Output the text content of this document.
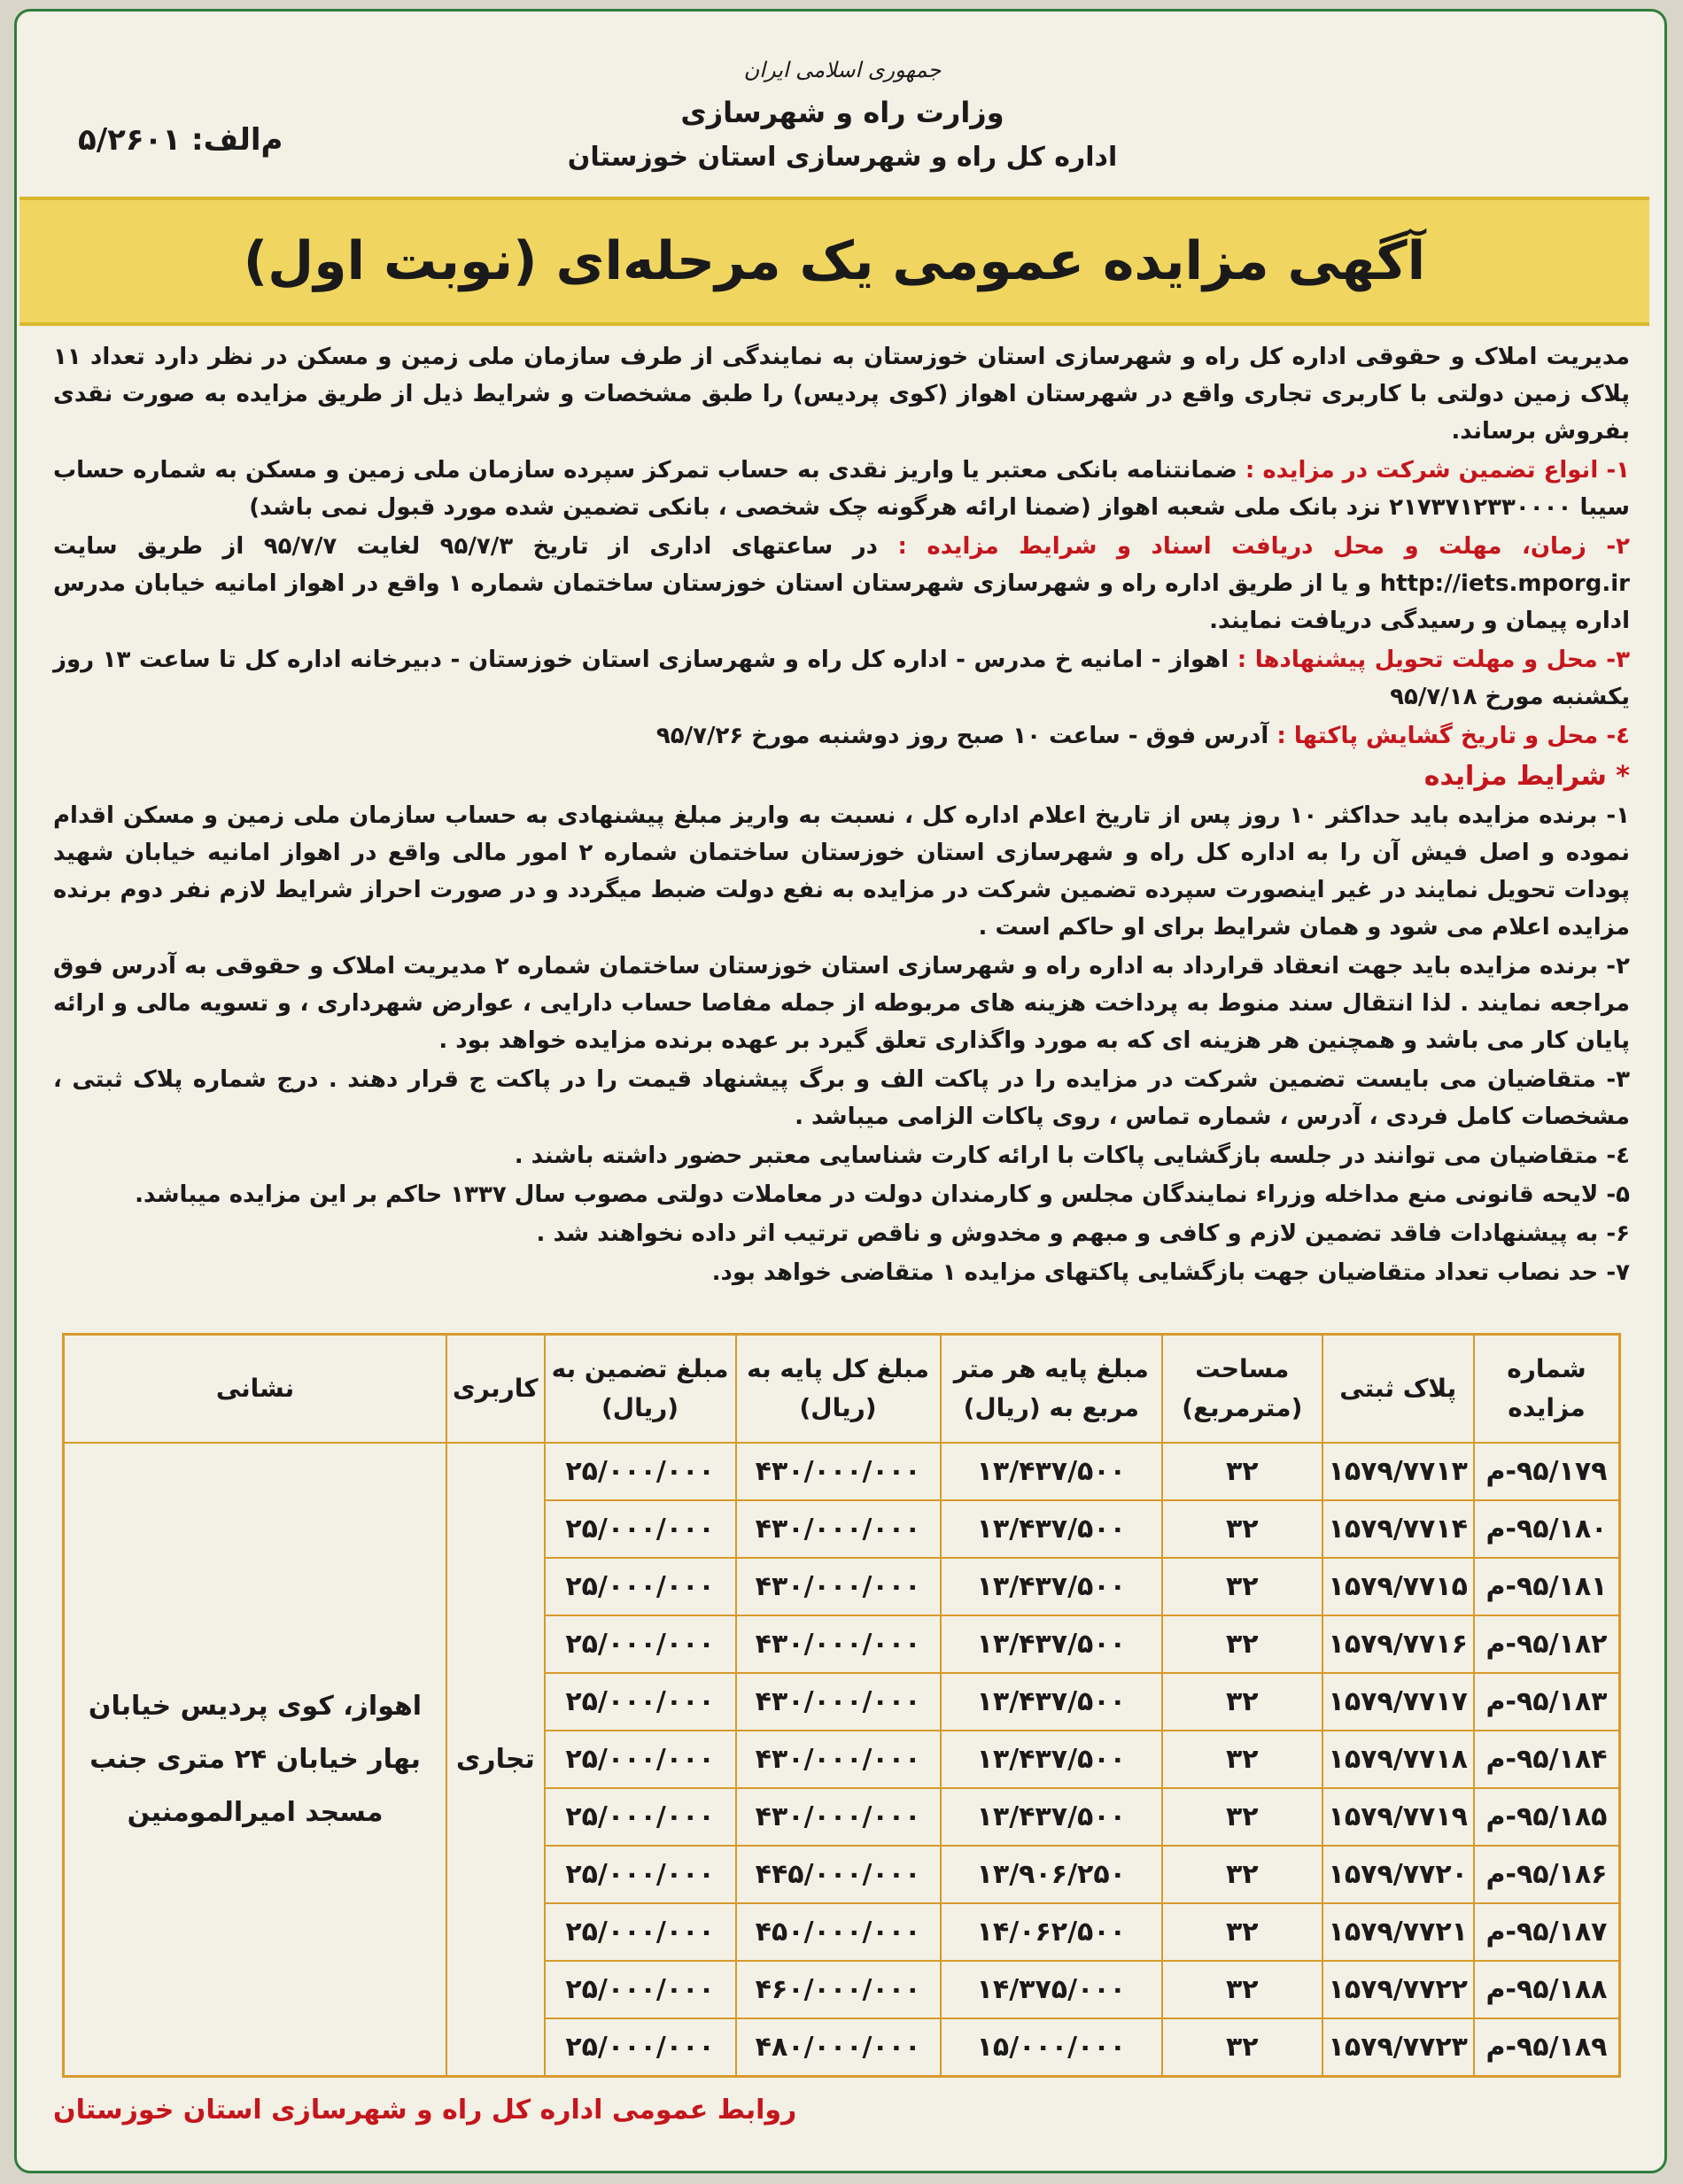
جمهوری اسلامی ایران
وزارت راه و شهرسازی
اداره کل راه و شهرسازی استان خوزستان
م‌الف: ۵/۲۶۰۱
آگهی مزایده عمومی یک مرحله‌ای (نوبت اول)

مدیریت املاک و حقوقی اداره کل راه و شهرسازی استان خوزستان به نمایندگی از طرف سازمان ملی زمین و مسکن در نظر دارد تعداد ۱۱ پلاک زمین دولتی با کاربری تجاری واقع در شهرستان اهواز (کوی پردیس) را طبق مشخصات و شرایط ذیل از طریق مزایده به صورت نقدی بفروش برساند.

۱- انواع تضمین شرکت در مزایده : ضمانتنامه بانکی معتبر یا واریز نقدی به حساب تمرکز سپرده سازمان ملی زمین و مسکن به شماره حساب سیبا ۲۱۷۳۷۱۲۳۳۰۰۰۰ نزد بانک ملی شعبه اهواز (ضمنا ارائه هرگونه چک شخصی ، بانکی تضمین شده مورد قبول نمی باشد)

۲- زمان، مهلت و محل دریافت اسناد و شرایط مزایده : در ساعتهای اداری از تاریخ ۹۵/۷/۳ لغایت ۹۵/۷/۷ از طریق سایت http://iets.mporg.ir و یا از طریق اداره راه و شهرسازی شهرستان استان خوزستان ساختمان شماره ۱ واقع در اهواز امانیه خیابان مدرس اداره پیمان و رسیدگی دریافت نمایند.

۳- محل و مهلت تحویل پیشنهادها : اهواز - امانیه خ مدرس - اداره کل راه و شهرسازی استان خوزستان - دبیرخانه اداره کل تا ساعت ۱۳ روز یکشنبه مورخ ۹۵/۷/۱۸

٤- محل و تاریخ گشایش پاکتها : آدرس فوق - ساعت ۱۰ صبح روز دوشنبه مورخ ۹۵/۷/۲۶

* شرایط مزایده

۱- برنده مزایده باید حداکثر ۱۰ روز پس از تاریخ اعلام اداره کل ، نسبت به واریز مبلغ پیشنهادی به حساب سازمان ملی زمین و مسکن اقدام نموده و اصل فیش آن را به اداره کل راه و شهرسازی استان خوزستان ساختمان شماره ۲ امور مالی واقع در اهواز امانیه خیابان شهید پودات تحویل نمایند در غیر اینصورت سپرده تضمین شرکت در مزایده به نفع دولت ضبط میگردد و در صورت احراز شرایط لازم نفر دوم برنده مزایده اعلام می شود و همان شرایط برای او حاکم است .

۲- برنده مزایده باید جهت انعقاد قرارداد به اداره راه و شهرسازی استان خوزستان ساختمان شماره ۲ مدیریت املاک و حقوقی به آدرس فوق مراجعه نمایند . لذا انتقال سند منوط به پرداخت هزینه های مربوطه از جمله مفاصا حساب دارایی ، عوارض شهرداری ، و تسویه مالی و ارائه پایان کار می باشد و همچنین هر هزینه ای که به مورد واگذاری تعلق گیرد بر عهده برنده مزایده خواهد بود .

۳- متقاضیان می بایست تضمین شرکت در مزایده را در پاکت الف و برگ پیشنهاد قیمت را در پاکت ج قرار دهند . درج شماره پلاک ثبتی ، مشخصات کامل فردی ، آدرس ، شماره تماس ، روی پاکات الزامی میباشد .

٤- متقاضیان می توانند در جلسه بازگشایی پاکات با ارائه کارت شناسایی معتبر حضور داشته باشند .

۵- لایحه قانونی منع مداخله وزراء نمایندگان مجلس و کارمندان دولت در معاملات دولتی مصوب سال ۱۳۳۷ حاکم بر این مزایده میباشد.

۶- به پیشنهادات فاقد تضمین لازم و کافی و مبهم و مخدوش و ناقص ترتیب اثر داده نخواهند شد .

۷- حد نصاب تعداد متقاضیان جهت بازگشایی پاکتهای مزایده ۱ متقاضی خواهد بود.

شماره مزایده	پلاک ثبتی	مساحت (مترمربع)	مبلغ پایه هر متر مربع به (ریال)	مبلغ کل پایه به (ریال)	مبلغ تضمین به (ریال)	کاربری	نشانی
۹۵/۱۷۹-م	۱۵۷۹/۷۷۱۳	۳۲	۱۳/۴۳۷/۵۰۰	۴۳۰/۰۰۰/۰۰۰	۲۵/۰۰۰/۰۰۰	تجاری	اهواز، کوی پردیس خیابان بهار خیابان ۲۴ متری جنب مسجد امیرالمومنین
۹۵/۱۸۰-م	۱۵۷۹/۷۷۱۴	۳۲	۱۳/۴۳۷/۵۰۰	۴۳۰/۰۰۰/۰۰۰	۲۵/۰۰۰/۰۰۰		
۹۵/۱۸۱-م	۱۵۷۹/۷۷۱۵	۳۲	۱۳/۴۳۷/۵۰۰	۴۳۰/۰۰۰/۰۰۰	۲۵/۰۰۰/۰۰۰		
۹۵/۱۸۲-م	۱۵۷۹/۷۷۱۶	۳۲	۱۳/۴۳۷/۵۰۰	۴۳۰/۰۰۰/۰۰۰	۲۵/۰۰۰/۰۰۰		
۹۵/۱۸۳-م	۱۵۷۹/۷۷۱۷	۳۲	۱۳/۴۳۷/۵۰۰	۴۳۰/۰۰۰/۰۰۰	۲۵/۰۰۰/۰۰۰		
۹۵/۱۸۴-م	۱۵۷۹/۷۷۱۸	۳۲	۱۳/۴۳۷/۵۰۰	۴۳۰/۰۰۰/۰۰۰	۲۵/۰۰۰/۰۰۰		
۹۵/۱۸۵-م	۱۵۷۹/۷۷۱۹	۳۲	۱۳/۴۳۷/۵۰۰	۴۳۰/۰۰۰/۰۰۰	۲۵/۰۰۰/۰۰۰		
۹۵/۱۸۶-م	۱۵۷۹/۷۷۲۰	۳۲	۱۳/۹۰۶/۲۵۰	۴۴۵/۰۰۰/۰۰۰	۲۵/۰۰۰/۰۰۰		
۹۵/۱۸۷-م	۱۵۷۹/۷۷۲۱	۳۲	۱۴/۰۶۲/۵۰۰	۴۵۰/۰۰۰/۰۰۰	۲۵/۰۰۰/۰۰۰		
۹۵/۱۸۸-م	۱۵۷۹/۷۷۲۲	۳۲	۱۴/۳۷۵/۰۰۰	۴۶۰/۰۰۰/۰۰۰	۲۵/۰۰۰/۰۰۰		
۹۵/۱۸۹-م	۱۵۷۹/۷۷۲۳	۳۲	۱۵/۰۰۰/۰۰۰	۴۸۰/۰۰۰/۰۰۰	۲۵/۰۰۰/۰۰۰		
روابط عمومی اداره کل راه و شهرسازی استان خوزستان
